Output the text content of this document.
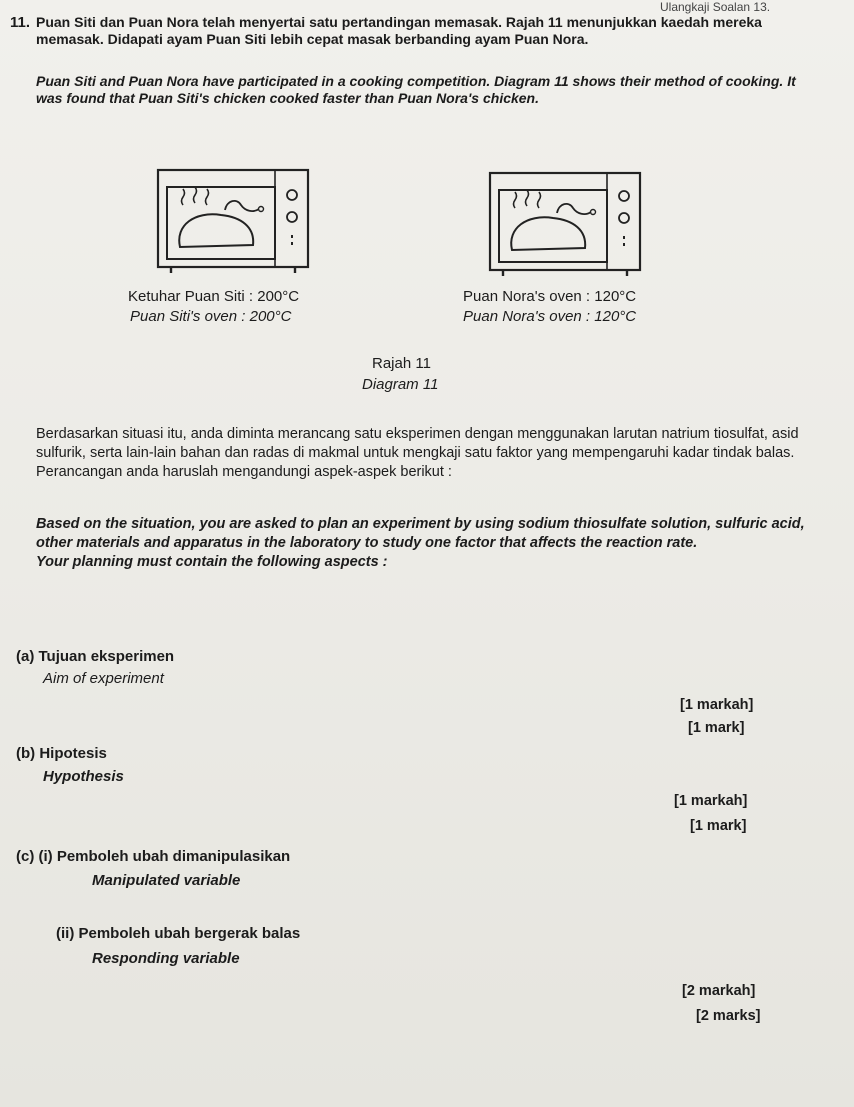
Ulangkaji Soalan 13.
11. Puan Siti dan Puan Nora telah menyertai satu pertandingan memasak. Rajah 11 menunjukkan kaedah mereka memasak. Didapati ayam Puan Siti lebih cepat masak berbanding ayam Puan Nora.
Puan Siti and Puan Nora have participated in a cooking competition. Diagram 11 shows their method of cooking. It was found that Puan Siti's chicken cooked faster than Puan Nora's chicken.
Ketuhar Puan Siti : 200°C
Puan Siti's oven : 200°C
Puan Nora's oven : 120°C
Puan Nora's oven : 120°C
Rajah 11
Diagram 11
Berdasarkan situasi itu, anda diminta merancang satu eksperimen dengan menggunakan larutan natrium tiosulfat, asid sulfurik, serta lain-lain bahan dan radas di makmal untuk mengkaji satu faktor yang mempengaruhi kadar tindak balas.
Perancangan anda haruslah mengandungi aspek-aspek berikut :
Based on the situation, you are asked to plan an experiment by using sodium thiosulfate solution, sulfuric acid, other materials and apparatus in the laboratory to study one factor that affects the reaction rate.
Your planning must contain the following aspects :
(a) Tujuan eksperimen
Aim of experiment
[1 markah]
[1 mark]
(b) Hipotesis
Hypothesis
[1 markah]
[1 mark]
(c) (i) Pemboleh ubah dimanipulasikan
Manipulated variable
(ii) Pemboleh ubah bergerak balas
Responding variable
[2 markah]
[2 marks]
